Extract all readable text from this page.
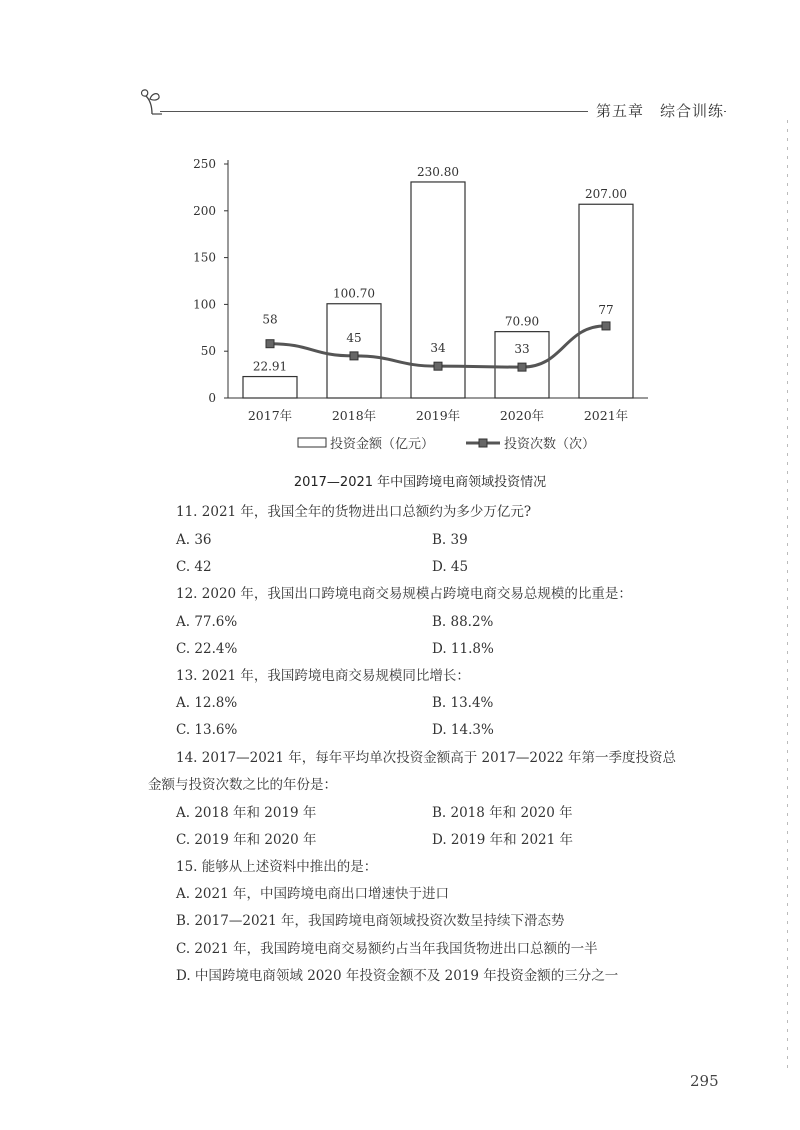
第五章　综合训练
0
50
100
150
200
250
22.91
100.70
230.80
70.90
207.00
2017年	2018年	2019年	2020年	2021年
58
45
34	33
77
投资金额（亿元）	投资次数（次）
2017—2021 年中国跨境电商领域投资情况
11. 2021 年，我国全年的货物进出口总额约为多少万亿元?
A. 36	B. 39
C. 42	D. 45
12. 2020 年，我国出口跨境电商交易规模占跨境电商交易总规模的比重是：
A. 77.6%	B. 88.2%
C. 22.4%	D. 11.8%
13. 2021 年，我国跨境电商交易规模同比增长：
A. 12.8%	B. 13.4%
C. 13.6%	D. 14.3%
14. 2017—2021 年，每年平均单次投资金额高于 2017—2022 年第一季度投资总
金额与投资次数之比的年份是：
A. 2018 年和 2019 年	B. 2018 年和 2020 年
C. 2019 年和 2020 年	D. 2019 年和 2021 年
15. 能够从上述资料中推出的是：
A. 2021 年，中国跨境电商出口增速快于进口
B. 2017—2021 年，我国跨境电商领域投资次数呈持续下滑态势
C. 2021 年，我国跨境电商交易额约占当年我国货物进出口总额的一半
D. 中国跨境电商领域 2020 年投资金额不及 2019 年投资金额的三分之一
295
